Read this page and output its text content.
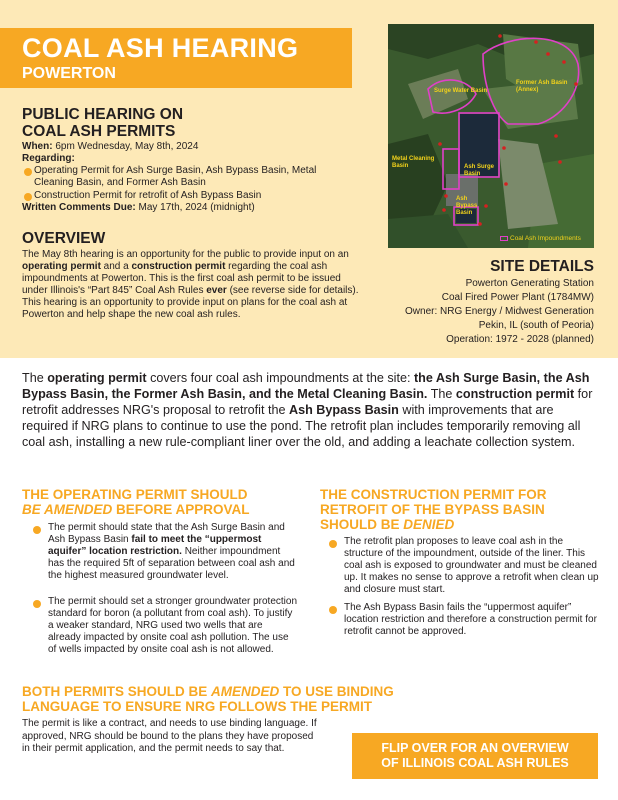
COAL ASH HEARING
POWERTON
PUBLIC HEARING ON
COAL ASH PERMITS
When: 6pm Wednesday, May 8th, 2024
Regarding:
Operating Permit for Ash Surge Basin, Ash Bypass Basin, Metal Cleaning Basin, and Former Ash Basin
Construction Permit for retrofit of Ash Bypass Basin
Written Comments Due: May 17th, 2024 (midnight)
OVERVIEW
The May 8th hearing is an opportunity for the public to provide input on an operating permit and a construction permit regarding the coal ash impoundments at Powerton. This is the first coal ash permit to be issued under Illinois's “Part 845” Coal Ash Rules ever (see reverse side for details). This hearing is an opportunity to provide input on plans for the coal ash at Powerton and help shape the new coal ash rules.
Surge Water Basin
Former Ash Basin (Annex)
Metal Cleaning Basin	Ash Surge Basin
Ash Bypass Basin
Coal Ash Impoundments
SITE DETAILS
Powerton Generating Station
Coal Fired Power Plant (1784MW)
Owner: NRG Energy / Midwest Generation
Pekin, IL (south of Peoria)
Operation: 1972 - 2028 (planned)
The operating permit covers four coal ash impoundments at the site: the Ash Surge Basin, the Ash Bypass Basin, the Former Ash Basin, and the Metal Cleaning Basin. The construction permit for retrofit addresses NRG's proposal to retrofit the Ash Bypass Basin with improvements that are required if NRG plans to continue to use the pond. The retrofit plan includes temporarily removing all coal ash, installing a new rule-compliant liner over the old, and adding a leachate collection system.
THE OPERATING PERMIT SHOULD
BE AMENDED BEFORE APPROVAL
The permit should state that the Ash Surge Basin and Ash Bypass Basin fail to meet the “uppermost aquifer” location restriction. Neither impoundment has the required 5ft of separation between coal ash and the highest measured groundwater level.
The permit should set a stronger groundwater protection standard for boron (a pollutant from coal ash). To justify a weaker standard, NRG used two wells that are already impacted by onsite coal ash pollution. The use of wells impacted by onsite coal ash is not allowed.
THE CONSTRUCTION PERMIT FOR
RETROFIT OF THE BYPASS BASIN
SHOULD BE DENIED
The retrofit plan proposes to leave coal ash in the structure of the impoundment, outside of the liner. This coal ash is exposed to groundwater and must be cleaned up. It makes no sense to approve a retrofit when clean up and closure must start.
The Ash Bypass Basin fails the “uppermost aquifer” location restriction and therefore a construction permit for retrofit cannot be approved.
BOTH PERMITS SHOULD BE AMENDED TO USE BINDING
LANGUAGE TO ENSURE NRG FOLLOWS THE PERMIT
The permit is like a contract, and needs to use binding language. If approved, NRG should be bound to the plans they have proposed in their permit application, and the permit needs to say that.	FLIP OVER FOR AN OVERVIEW
OF ILLINOIS COAL ASH RULES
